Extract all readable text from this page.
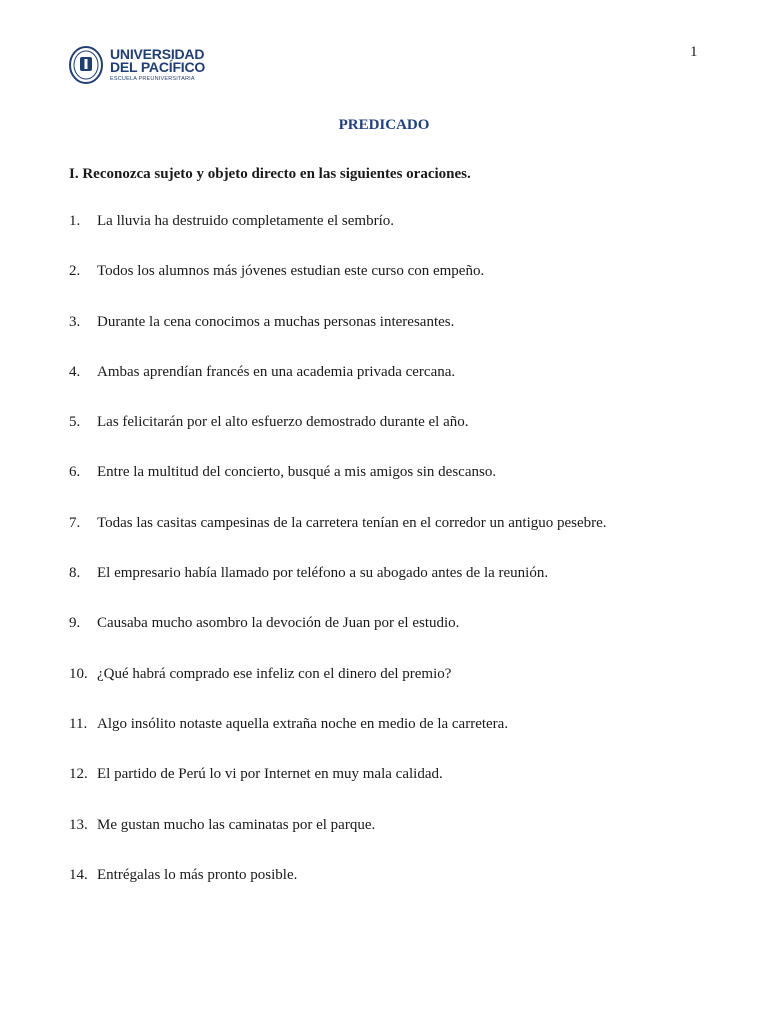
1
UNIVERSIDAD
DEL PACÍFICO
ESCUELA PREUNIVERSITARIA
PREDICADO
I. Reconozca sujeto y objeto directo en las siguientes oraciones.
1.	La lluvia ha destruido completamente el sembrío.
2.	Todos los alumnos más jóvenes estudian este curso con empeño.
3.	Durante la cena conocimos a muchas personas interesantes.
4.	Ambas aprendían francés en una academia privada cercana.
5.	Las felicitarán por el alto esfuerzo demostrado durante el año.
6.	Entre la multitud del concierto, busqué a mis amigos sin descanso.
7.	Todas las casitas campesinas de la carretera tenían en el corredor un antiguo pesebre.
8.	El empresario había llamado por teléfono a su abogado antes de la reunión.
9.	Causaba mucho asombro la devoción de Juan por el estudio.
10. ¿Qué habrá comprado ese infeliz con el dinero del premio?
11. Algo insólito notaste aquella extraña noche en medio de la carretera.
12. El partido de Perú lo vi por Internet en muy mala calidad.
13. Me gustan mucho las caminatas por el parque.
14. Entrégalas lo más pronto posible.
